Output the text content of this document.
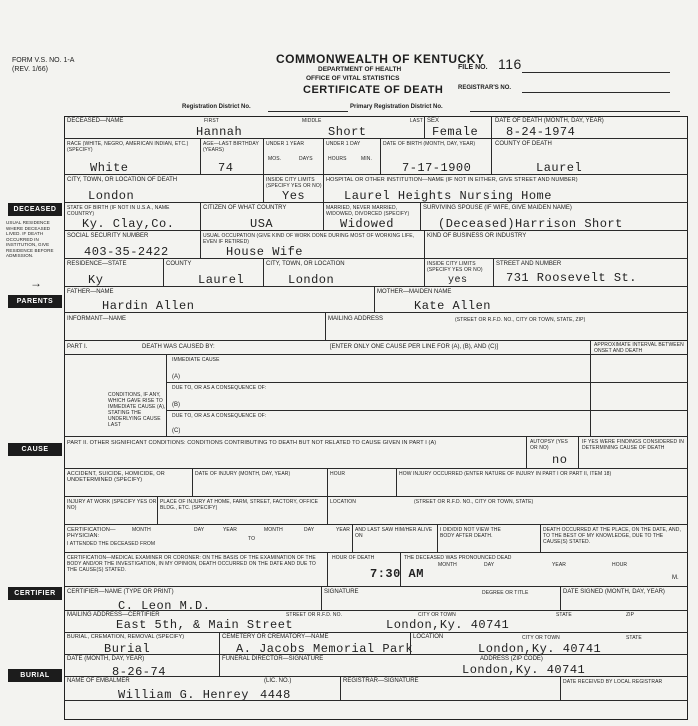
FORM V.S. NO. 1-A
(REV. 1/66)
COMMONWEALTH OF KENTUCKY
DEPARTMENT OF HEALTH
OFFICE OF VITAL STATISTICS
CERTIFICATE OF DEATH
FILE NO. 116
REGISTRAR'S NO.
Registration District No.	Primary Registration District No.
DECEASED
USUAL RESIDENCE WHERE DECEASED LIVED. IF DEATH OCCURRED IN INSTITUTION, GIVE RESIDENCE BEFORE ADMISSION.
→
PARENTS
CAUSE
CERTIFIER
BURIAL
DECEASED—NAME	FIRST	MIDDLE	LAST
Hannah	Short
SEX
Female
DATE OF DEATH (MONTH, DAY, YEAR)
8-24-1974
RACE (WHITE, NEGRO, AMERICAN INDIAN, ETC.) (SPECIFY)
White
AGE—LAST BIRTHDAY (YEARS)
74
UNDER 1 YEAR
MOS.	DAYS
UNDER 1 DAY
HOURS	MIN.
DATE OF BIRTH (MONTH, DAY, YEAR)
7-17-1900
COUNTY OF DEATH
Laurel
CITY, TOWN, OR LOCATION OF DEATH
London
INSIDE CITY LIMITS (SPECIFY YES OR NO)
Yes
HOSPITAL OR OTHER INSTITUTION—NAME (IF NOT IN EITHER, GIVE STREET AND NUMBER)
Laurel Heights Nursing Home
STATE OF BIRTH (IF NOT IN U.S.A., NAME COUNTRY)
Ky. Clay,Co.
CITIZEN OF WHAT COUNTRY
USA
MARRIED, NEVER MARRIED, WIDOWED, DIVORCED (SPECIFY)
Widowed
SURVIVING SPOUSE (IF WIFE, GIVE MAIDEN NAME)
(Deceased)Harrison Short
SOCIAL SECURITY NUMBER
403-35-2422
USUAL OCCUPATION (GIVE KIND OF WORK DONE DURING MOST OF WORKING LIFE, EVEN IF RETIRED)
House Wife
KIND OF BUSINESS OR INDUSTRY
RESIDENCE—STATE
Ky
COUNTY
Laurel
CITY, TOWN, OR LOCATION
London
INSIDE CITY LIMITS (SPECIFY YES OR NO)
yes
STREET AND NUMBER
731 Roosevelt St.
FATHER—NAME
Hardin Allen
MOTHER—MAIDEN NAME
Kate Allen
INFORMANT—NAME	MAILING ADDRESS	(STREET OR R.F.D. NO., CITY OR TOWN, STATE, ZIP)
PART I.	DEATH WAS CAUSED BY:	[ENTER ONLY ONE CAUSE PER LINE FOR (A), (B), AND (C)]	APPROXIMATE INTERVAL BETWEEN ONSET AND DEATH
IMMEDIATE CAUSE
(A)
DUE TO, OR AS A CONSEQUENCE OF:
CONDITIONS, IF ANY, WHICH GAVE RISE TO IMMEDIATE CAUSE (A), STATING THE UNDERLYING CAUSE LAST
(B)
DUE TO, OR AS A CONSEQUENCE OF:
(C)
PART II. OTHER SIGNIFICANT CONDITIONS: CONDITIONS CONTRIBUTING TO DEATH BUT NOT RELATED TO CAUSE GIVEN IN PART I (A)	AUTOPSY (YES OR NO)
no
IF YES WERE FINDINGS CONSIDERED IN DETERMINING CAUSE OF DEATH
ACCIDENT, SUICIDE, HOMICIDE, OR UNDETERMINED (SPECIFY)
DATE OF INJURY (MONTH, DAY, YEAR)	HOUR	HOW INJURY OCCURRED (ENTER NATURE OF INJURY IN PART I OR PART II, ITEM 18)
INJURY AT WORK (SPECIFY YES OR NO)
PLACE OF INJURY AT HOME, FARM, STREET, FACTORY, OFFICE BLDG., ETC. (SPECIFY)
LOCATION	(STREET OR R.F.D. NO., CITY OR TOWN, STATE)
CERTIFICATION— PHYSICIAN:
I ATTENDED THE DECEASED FROM
MONTH	DAY	YEAR
TO
MONTH	DAY	YEAR AND LAST SAW HIM/HER ALIVE ON
I DID/DID NOT VIEW THE BODY AFTER DEATH.
DEATH OCCURRED AT THE PLACE, ON THE DATE, AND, TO THE BEST OF MY KNOWLEDGE, DUE TO THE CAUSE(S) STATED.
CERTIFICATION—MEDICAL EXAMINER OR CORONER: ON THE BASIS OF THE EXAMINATION OF THE BODY AND/OR THE INVESTIGATION, IN MY OPINION, DEATH OCCURRED ON THE DATE AND DUE TO THE CAUSE(S) STATED.
HOUR OF DEATH
7:30 AM
THE DECEASED WAS PRONOUNCED DEAD
MONTH	DAY	YEAR	HOUR
M.
CERTIFIER—NAME (TYPE OR PRINT)
C. Leon M.D.
SIGNATURE	DEGREE OR TITLE	DATE SIGNED (MONTH, DAY, YEAR)
MAILING ADDRESS—CERTIFIER	STREET OR R.F.D. NO.	CITY OR TOWN	STATE	ZIP
East 5th, & Main Street	London,Ky. 40741
BURIAL, CREMATION, REMOVAL (SPECIFY)
Burial
CEMETERY OR CREMATORY—NAME
A. Jacobs Memorial Park
LOCATION	CITY OR TOWN	STATE
London,Ky. 40741
DATE (MONTH, DAY, YEAR)
8-26-74
FUNERAL DIRECTOR—SIGNATURE	ADDRESS (ZIP CODE)
London,Ky. 40741
NAME OF EMBALMER	(LIC. NO.)
William G. Henrey 4448
REGISTRAR—SIGNATURE	DATE RECEIVED BY LOCAL REGISTRAR
